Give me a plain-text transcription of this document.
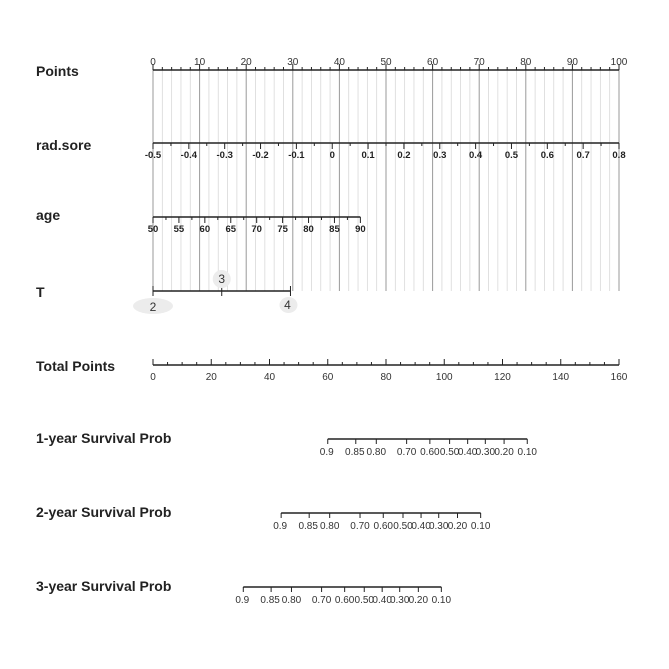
Points
rad.sore
age
T
Total Points
1-year Survival Prob
2-year Survival Prob
3-year Survival Prob
0	10	20	30	40	50	60	70	80	90	100
-0.5 -0.4 -0.3 -0.2 -0.1	0	0.1 0.2 0.3 0.4 0.5 0.6 0.7 0.8
50 55 60 65 70 75 80 85 90
2
3
4
0	20	40	60	80	100	120	140	160
0.9 0.85 0.80 0.70 0.60 0.50
0.40
0.30 0.20 0.10
0.9 0.85 0.80 0.70 0.60 0.50
0.40
0.30 0.20 0.10
0.9 0.85 0.80 0.70 0.60 0.50
0.40
0.30 0.20 0.10
